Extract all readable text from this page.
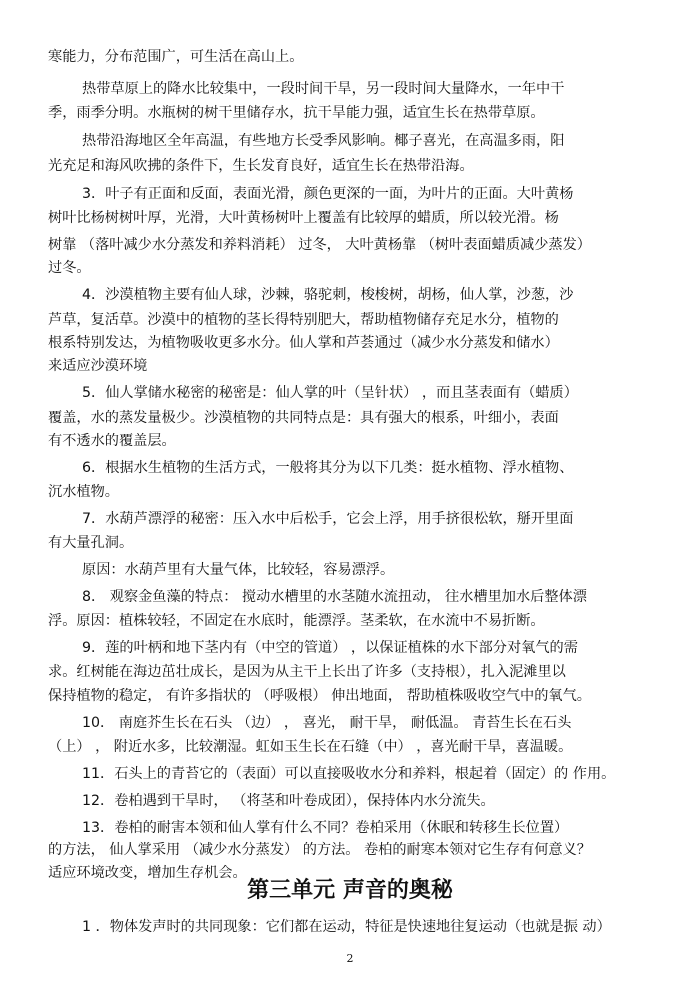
寒能力，分布范围广，可生活在高山上。
热带草原上的降水比较集中，一段时间干旱，另一段时间大量降水，一年中干
季，雨季分明。水瓶树的树干里储存水，抗干旱能力强，适宜生长在热带草原。
热带沿海地区全年高温，有些地方长受季风影响。椰子喜光，在高温多雨，阳
光充足和海风吹拂的条件下，生长发育良好，适宜生长在热带沿海。
3．叶子有正面和反面，表面光滑，颜色更深的一面，为叶片的正面。大叶黄杨
树叶比杨树树叶厚，光滑，大叶黄杨树叶上覆盖有比较厚的蜡质，所以较光滑。杨
树靠 （落叶减少水分蒸发和养料消耗） 过冬， 大叶黄杨靠 （树叶表面蜡质减少蒸发）
过冬。
4．沙漠植物主要有仙人球，沙棘，骆驼刺，梭梭树，胡杨，仙人掌，沙葱，沙
芦草，复活草。沙漠中的植物的茎长得特别肥大，帮助植物储存充足水分，植物的
根系特别发达，为植物吸收更多水分。仙人掌和芦荟通过（减少水分蒸发和储水）
来适应沙漠环境
5．仙人掌储水秘密的秘密是：仙人掌的叶（呈针状） ，而且茎表面有（蜡质）
覆盖，水的蒸发量极少。沙漠植物的共同特点是：具有强大的根系，叶细小，表面
有不透水的覆盖层。
6．根据水生植物的生活方式，一般将其分为以下几类：挺水植物、浮水植物、
沉水植物。
7．水葫芦漂浮的秘密：压入水中后松手，它会上浮，用手挤很松软，掰开里面
有大量孔洞。
原因：水葫芦里有大量气体，比较轻，容易漂浮。
8． 观察金鱼藻的特点： 搅动水槽里的水茎随水流扭动， 往水槽里加水后整体漂
浮。原因：植株较轻，不固定在水底时，能漂浮。茎柔软，在水流中不易折断。
9．莲的叶柄和地下茎内有（中空的管道） ，以保证植株的水下部分对氧气的需
求。红树能在海边茁壮成长，是因为从主干上长出了许多（支持根），扎入泥滩里以
保持植物的稳定， 有许多指状的 （呼吸根） 伸出地面， 帮助植株吸收空气中的氧气。
10． 南庭芥生长在石头 （边） ， 喜光， 耐干旱， 耐低温。 青苔生长在石头
（上） ， 附近水多，比较潮湿。虹如玉生长在石缝（中） ，喜光耐干旱，喜温暖。
11．石头上的青苔它的（表面）可以直接吸收水分和养料，根起着（固定）的 作用。
12．卷柏遇到干旱时， （将茎和叶卷成团），保持体内水分流失。
13．卷柏的耐害本领和仙人掌有什么不同？卷柏采用（休眠和转移生长位置）
的方法， 仙人掌采用 （减少水分蒸发） 的方法。 卷柏的耐寒本领对它生存有何意义？
适应环境改变，增加生存机会。
第三单元 声音的奥秘
1 ．物体发声时的共同现象：它们都在运动，特征是快速地往复运动（也就是振 动）
2
